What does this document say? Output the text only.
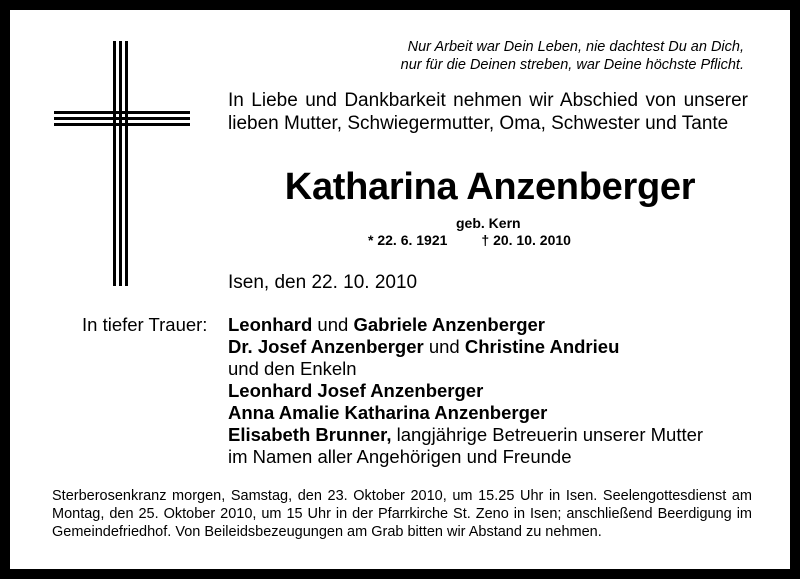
Nur Arbeit war Dein Leben, nie dachtest Du an Dich,
nur für die Deinen streben, war Deine höchste Pflicht.

In Liebe und Dankbarkeit nehmen wir Abschied von unserer lieben Mutter, Schwiegermutter, Oma, Schwester und Tante

Katharina Anzenberger
geb. Kern
* 22. 6. 1921 † 20. 10. 2010
Isen, den 22. 10. 2010
In tiefer Trauer: Leonhard und Gabriele Anzenberger
Dr. Josef Anzenberger und Christine Andrieu
und den Enkeln
Leonhard Josef Anzenberger
Anna Amalie Katharina Anzenberger
Elisabeth Brunner, langjährige Betreuerin unserer Mutter
im Namen aller Angehörigen und Freunde

Sterberosenkranz morgen, Samstag, den 23. Oktober 2010, um 15.25 Uhr in Isen. Seelengottesdienst am Montag, den 25. Oktober 2010, um 15 Uhr in der Pfarrkirche St. Zeno in Isen; anschließend Beerdigung im Gemeindefriedhof. Von Beileidsbezeugungen am Grab bitten wir Abstand zu nehmen.
